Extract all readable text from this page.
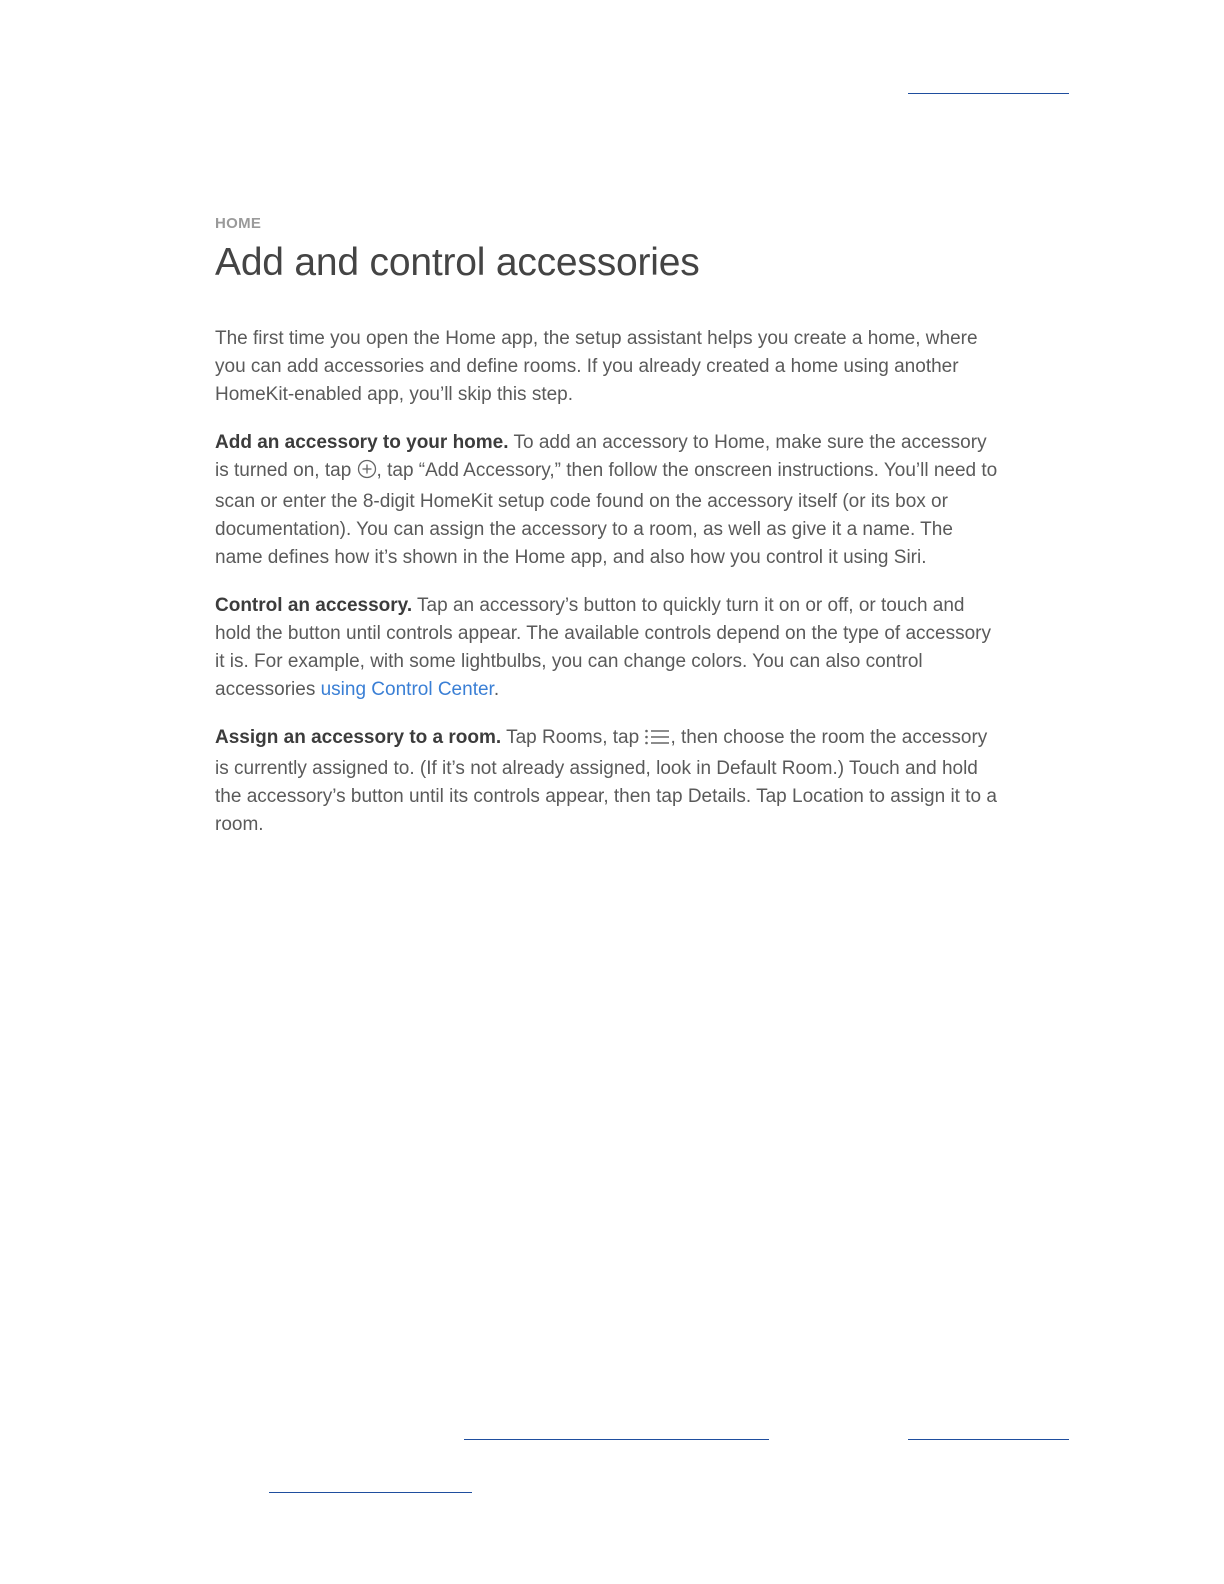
HOME
Add and control accessories

The first time you open the Home app, the setup assistant helps you create a home, where you can add accessories and define rooms. If you already created a home using another HomeKit-enabled app, you’ll skip this step.

Add an accessory to your home. To add an accessory to Home, make sure the accessory is turned on, tap , tap “Add Accessory,” then follow the onscreen instructions. You’ll need to scan or enter the 8-digit HomeKit setup code found on the accessory itself (or its box or documentation). You can assign the accessory to a room, as well as give it a name. The name defines how it’s shown in the Home app, and also how you control it using Siri.

Control an accessory. Tap an accessory’s button to quickly turn it on or off, or touch and hold the button until controls appear. The available controls depend on the type of accessory it is. For example, with some lightbulbs, you can change colors. You can also control accessories using Control Center.

Assign an accessory to a room. Tap Rooms, tap , then choose the room the accessory is currently assigned to. (If it’s not already assigned, look in Default Room.) Touch and hold the accessory’s button until its controls appear, then tap Details. Tap Location to assign it to a room.
